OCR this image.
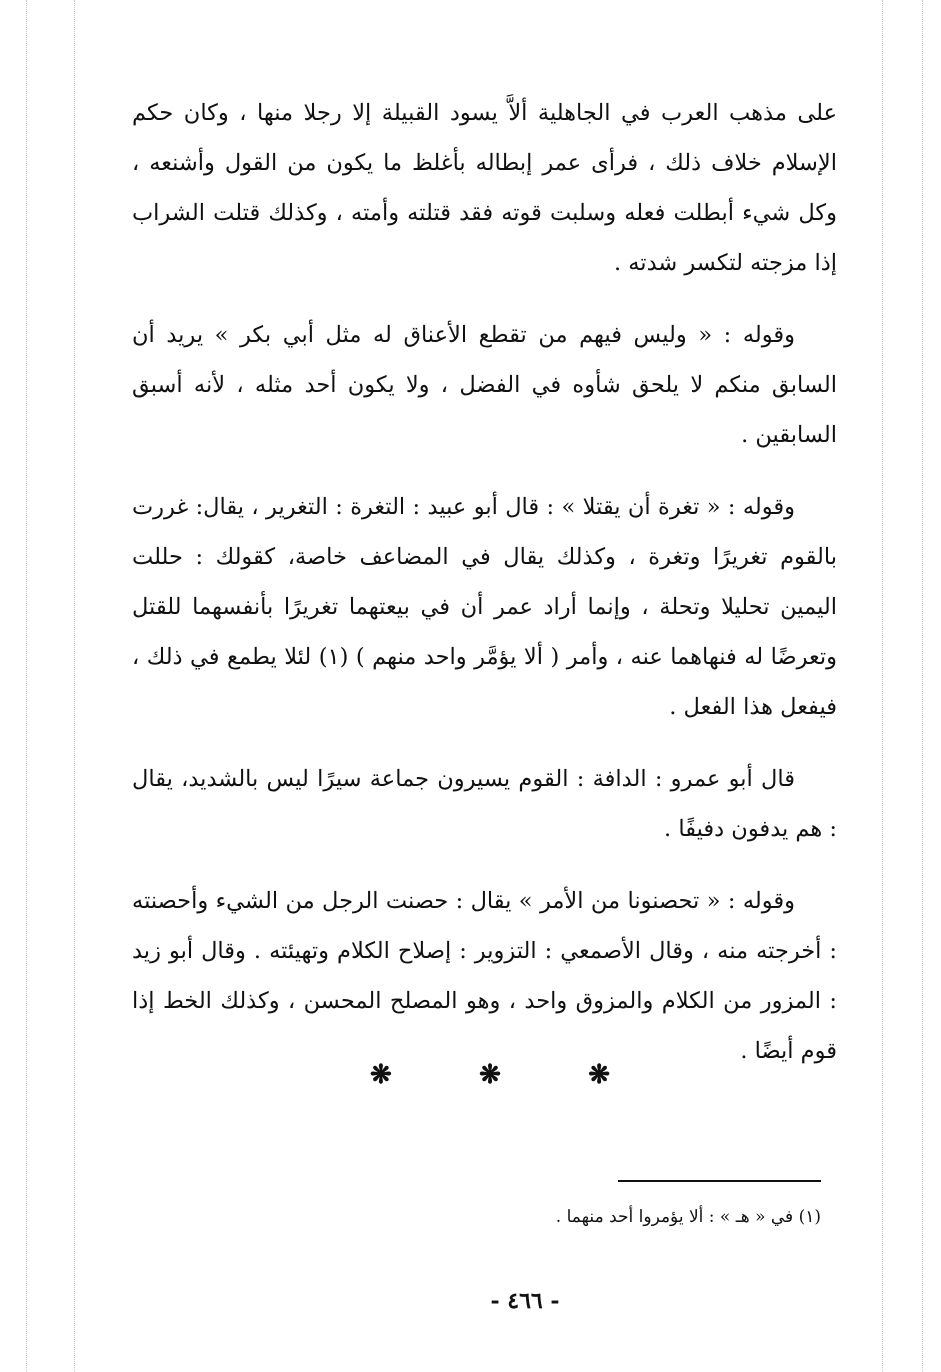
على مذهب العرب في الجاهلية ألاَّ يسود القبيلة إلا رجلا منها ، وكان حكم الإسلام خلاف ذلك ، فرأى عمر إبطاله بأغلظ ما يكون من القول وأشنعه ، وكل شيء أبطلت فعله وسلبت قوته فقد قتلته وأمته ، وكذلك قتلت الشراب إذا مزجته لتكسر شدته .

وقوله : « وليس فيهم من تقطع الأعناق له مثل أبي بكر » يريد أن السابق منكم لا يلحق شأوه في الفضل ، ولا يكون أحد مثله ، لأنه أسبق السابقين .

وقوله : « تغرة أن يقتلا » : قال أبو عبيد : التغرة : التغرير ، يقال: غررت بالقوم تغريرًا وتغرة ، وكذلك يقال في المضاعف خاصة، كقولك : حللت اليمين تحليلا وتحلة ، وإنما أراد عمر أن في بيعتهما تغريرًا بأنفسهما للقتل وتعرضًا له فنهاهما عنه ، وأمر ( ألا يؤمَّر واحد منهم ) (١) لئلا يطمع في ذلك ، فيفعل هذا الفعل .

قال أبو عمرو : الدافة : القوم يسيرون جماعة سيرًا ليس بالشديد، يقال : هم يدفون دفيفًا .

وقوله : « تحصنونا من الأمر » يقال : حصنت الرجل من الشيء وأحصنته : أخرجته منه ، وقال الأصمعي : التزوير : إصلاح الكلام وتهيئته . وقال أبو زيد : المزور من الكلام والمزوق واحد ، وهو المصلح المحسن ، وكذلك الخط إذا قوم أيضًا .

❋	❋	❋
(١) في « هـ » : ألا يؤمروا أحد منهما .
- ٤٦٦ -
